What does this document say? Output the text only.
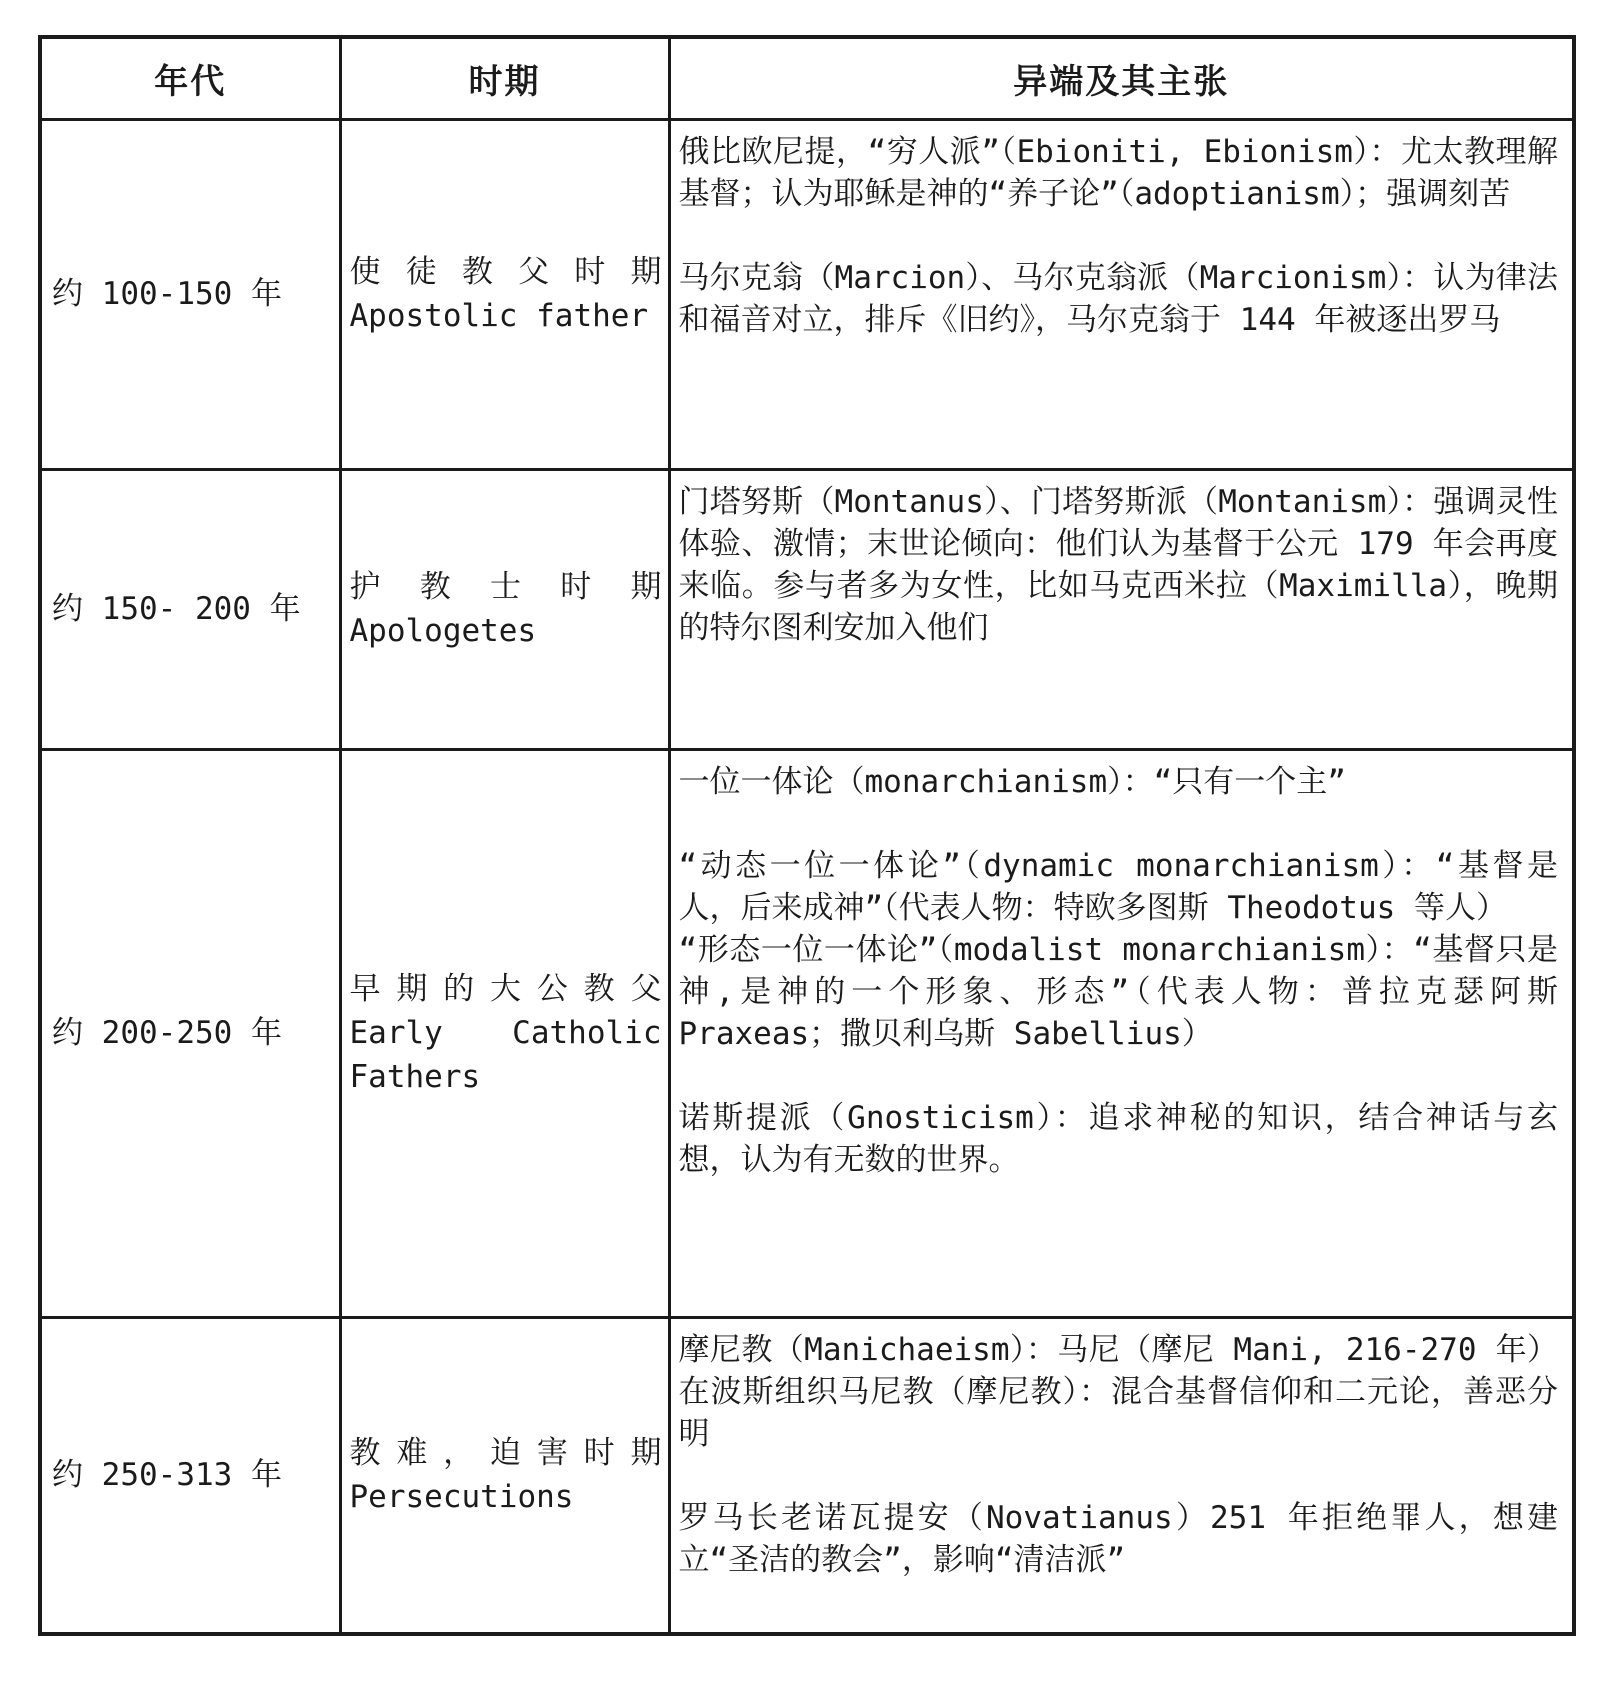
年代	时期	异端及其主张
约 100-150 年	使徒教父时期 Apostolic father	俄比欧尼提，“穷人派”（Ebioniti, Ebionism）：尤太教理解基督；认为耶稣是神的“养子论”（adoptianism）；强调刻苦

马尔克翁（Marcion）、马尔克翁派（Marcionism）：认为律法和福音对立，排斥《旧约》，马尔克翁于 144 年被逐出罗马

约 150- 200 年	护教士时期 Apologetes	门塔努斯（Montanus）、门塔努斯派（Montanism）：强调灵性体验、激情；末世论倾向：他们认为基督于公元 179 年会再度来临。参与者多为女性，比如马克西米拉（Maximilla），晚期的特尔图利安加入他们

约 200-250 年	早期的大公教父 Early Catholic Fathers	一位一体论（monarchianism）：“只有一个主”

“动态一位一体论”（dynamic monarchianism）：“基督是人，后来成神”（代表人物：特欧多图斯 Theodotus 等人）

“形态一位一体论”（modalist monarchianism）：“基督只是神,是神的一个形象、形态”（代表人物：普拉克瑟阿斯 Praxeas；撒贝利乌斯 Sabellius）

诺斯提派（Gnosticism）：追求神秘的知识，结合神话与玄想，认为有无数的世界。

约 250-313 年	教难，迫害时期 Persecutions	摩尼教（Manichaeism）：马尼（摩尼 Mani, 216-270 年）在波斯组织马尼教（摩尼教）：混合基督信仰和二元论，善恶分明

罗马长老诺瓦提安（Novatianus）251 年拒绝罪人，想建立“圣洁的教会”，影响“清洁派”
